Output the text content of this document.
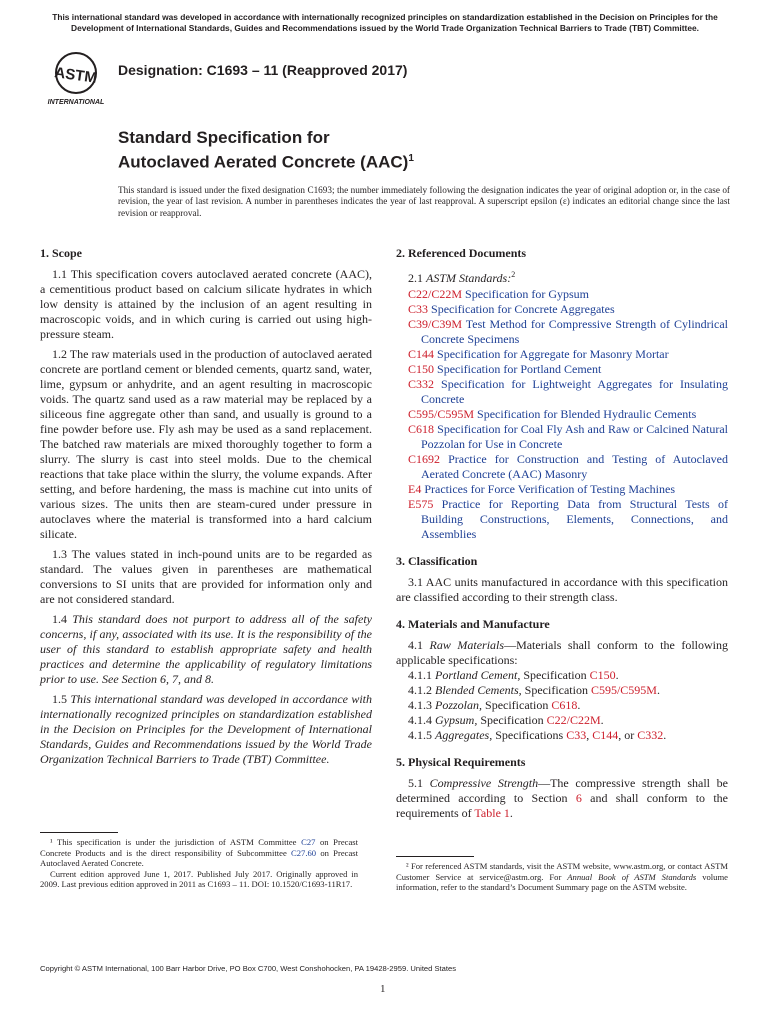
This international standard was developed in accordance with internationally recognized principles on standardization established in the Decision on Principles for the Development of International Standards, Guides and Recommendations issued by the World Trade Organization Technical Barriers to Trade (TBT) Committee.
ASTM
INTERNATIONAL
Designation: C1693 – 11 (Reapproved 2017)
Standard Specification for
Autoclaved Aerated Concrete (AAC)$^1$
This standard is issued under the fixed designation C1693; the number immediately following the designation indicates the year of original adoption or, in the case of revision, the year of last revision. A number in parentheses indicates the year of last reapproval. A superscript epsilon (ε) indicates an editorial change since the last revision or reapproval.
1. Scope

1.1 This specification covers autoclaved aerated concrete (AAC), a cementitious product based on calcium silicate hydrates in which low density is attained by the inclusion of an agent resulting in macroscopic voids, and in which curing is carried out using high-pressure steam.

1.2 The raw materials used in the production of autoclaved aerated concrete are portland cement or blended cements, quartz sand, water, lime, gypsum or anhydrite, and an agent resulting in macroscopic voids. The quartz sand used as a raw material may be replaced by a siliceous fine aggregate other than sand, and usually is ground to a fine powder before use. Fly ash may be used as a sand replacement. The batched raw materials are mixed thoroughly together to form a slurry. The slurry is cast into steel molds. Due to the chemical reactions that take place within the slurry, the volume expands. After setting, and before hardening, the mass is machine cut into units of various sizes. The units then are steam-cured under pressure in autoclaves where the material is transformed into a hard calcium silicate.

1.3 The values stated in inch-pound units are to be regarded as standard. The values given in parentheses are mathematical conversions to SI units that are provided for information only and are not considered standard.

1.4 This standard does not purport to address all of the safety concerns, if any, associated with its use. It is the responsibility of the user of this standard to establish appropriate safety and health practices and determine the applicability of regulatory limitations prior to use. See Section 6, 7, and 8.

1.5 This international standard was developed in accordance with internationally recognized principles on standardization established in the Decision on Principles for the Development of International Standards, Guides and Recommendations issued by the World Trade Organization Technical Barriers to Trade (TBT) Committee.

¹ This specification is under the jurisdiction of ASTM Committee C27 on Precast Concrete Products and is the direct responsibility of Subcommittee C27.60 on Precast Autoclaved Aerated Concrete.
Current edition approved June 1, 2017. Published July 2017. Originally approved in 2009. Last previous edition approved in 2011 as C1693 – 11. DOI: 10.1520/C1693-11R17.
2. Referenced Documents

2.1 ASTM Standards:$^2$

C22/C22M Specification for Gypsum

C33 Specification for Concrete Aggregates

C39/C39M Test Method for Compressive Strength of Cylindrical Concrete Specimens

C144 Specification for Aggregate for Masonry Mortar

C150 Specification for Portland Cement

C332 Specification for Lightweight Aggregates for Insulating Concrete

C595/C595M Specification for Blended Hydraulic Cements

C618 Specification for Coal Fly Ash and Raw or Calcined Natural Pozzolan for Use in Concrete

C1692 Practice for Construction and Testing of Autoclaved Aerated Concrete (AAC) Masonry

E4 Practices for Force Verification of Testing Machines

E575 Practice for Reporting Data from Structural Tests of Building Constructions, Elements, Connections, and Assemblies

3. Classification

3.1 AAC units manufactured in accordance with this specification are classified according to their strength class.

4. Materials and Manufacture

4.1 Raw Materials—Materials shall conform to the following applicable specifications:

4.1.1 Portland Cement, Specification C150.

4.1.2 Blended Cements, Specification C595/C595M.

4.1.3 Pozzolan, Specification C618.

4.1.4 Gypsum, Specification C22/C22M.

4.1.5 Aggregates, Specifications C33, C144, or C332.

5. Physical Requirements

5.1 Compressive Strength—The compressive strength shall be determined according to Section 6 and shall conform to the requirements of Table 1.

² For referenced ASTM standards, visit the ASTM website, www.astm.org, or contact ASTM Customer Service at service@astm.org. For Annual Book of ASTM Standards volume information, refer to the standard’s Document Summary page on the ASTM website.
Copyright © ASTM International, 100 Barr Harbor Drive, PO Box C700, West Conshohocken, PA 19428-2959. United States
1
